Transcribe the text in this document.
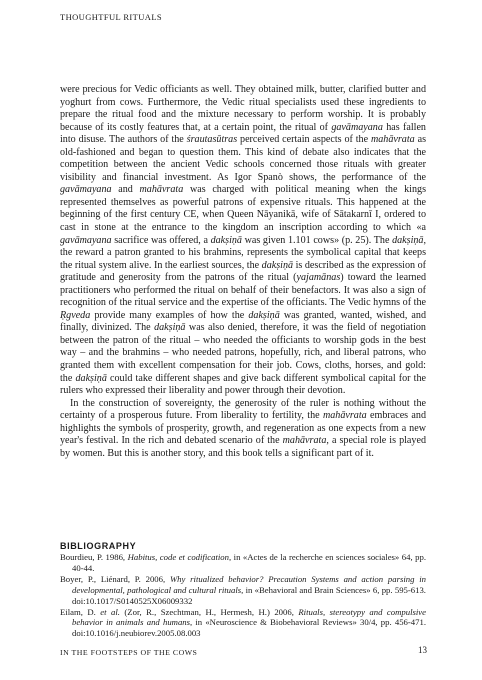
THOUGHTFUL RITUALS

were precious for Vedic officiants as well. They obtained milk, butter, clarified butter and yoghurt from cows. Furthermore, the Vedic ritual specialists used these ingredients to prepare the ritual food and the mixture necessary to perform worship. It is probably because of its costly features that, at a certain point, the ritual of gavāmayana has fallen into disuse. The authors of the śrautasūtras perceived certain aspects of the mahāvrata as old-fashioned and began to question them. This kind of debate also indicates that the competition between the ancient Vedic schools concerned those rituals with greater visibility and financial investment. As Igor Spanò shows, the performance of the gavāmayana and mahāvrata was charged with political meaning when the kings represented themselves as powerful patrons of expensive rituals. This happened at the beginning of the first century CE, when Queen Nāyanikā, wife of Sātakarnī I, ordered to cast in stone at the entrance to the kingdom an inscription according to which «a gavāmayana sacrifice was offered, a dakṣiṇā was given 1.101 cows» (p. 25). The dakṣiṇā, the reward a patron granted to his brahmins, represents the symbolical capital that keeps the ritual system alive. In the earliest sources, the dakṣiṇā is described as the expression of gratitude and generosity from the patrons of the ritual (yajamānas) toward the learned practitioners who performed the ritual on behalf of their benefactors. It was also a sign of recognition of the ritual service and the expertise of the officiants. The Vedic hymns of the Ṛgveda provide many examples of how the dakṣiṇā was granted, wanted, wished, and finally, divinized. The dakṣiṇā was also denied, therefore, it was the field of negotiation between the patron of the ritual – who needed the officiants to worship gods in the best way – and the brahmins – who needed patrons, hopefully, rich, and liberal patrons, who granted them with excellent compensation for their job. Cows, cloths, horses, and gold: the dakṣiṇā could take different shapes and give back different symbolical capital for the rulers who expressed their liberality and power through their devotion.

In the construction of sovereignty, the generosity of the ruler is nothing without the certainty of a prosperous future. From liberality to fertility, the mahāvrata embraces and highlights the symbols of prosperity, growth, and regeneration as one expects from a new year's festival. In the rich and debated scenario of the mahāvrata, a special role is played by women. But this is another story, and this book tells a significant part of it.

BIBLIOGRAPHY

Bourdieu, P. 1986, Habitus, code et codification, in «Actes de la recherche en sciences sociales» 64, pp. 40-44.

Boyer, P., Liénard, P. 2006, Why ritualized behavior? Precaution Systems and action parsing in developmental, pathological and cultural rituals, in «Behavioral and Brain Sciences» 6, pp. 595-613. doi:10.1017/S0140525X06009332

Eilam, D. et al. (Zor, R., Szechtman, H., Hermesh, H.) 2006, Rituals, stereotypy and compulsive behavior in animals and humans, in «Neuroscience & Biobehavioral Reviews» 30/4, pp. 456-471. doi:10.1016/j.neubiorev.2005.08.003

IN THE FOOTSTEPS OF THE COWS	13
